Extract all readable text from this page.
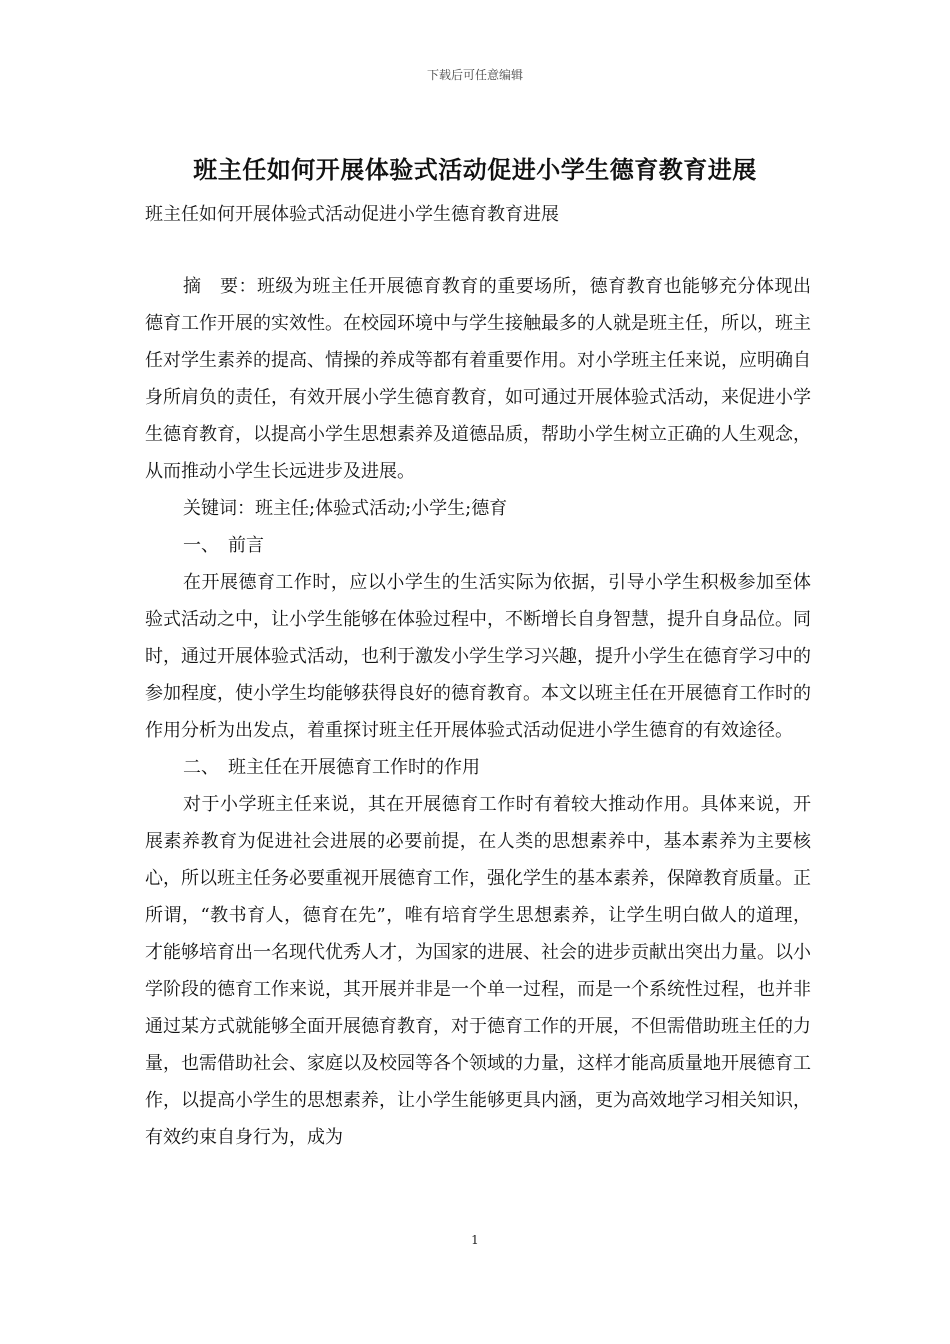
下载后可任意编辑
班主任如何开展体验式活动促进小学生德育教育进展
班主任如何开展体验式活动促进小学生德育教育进展

摘　要：班级为班主任开展德育教育的重要场所，德育教育也能够充分体现出德育工作开展的实效性。在校园环境中与学生接触最多的人就是班主任，所以，班主任对学生素养的提高、情操的养成等都有着重要作用。对小学班主任来说，应明确自身所肩负的责任，有效开展小学生德育教育，如可通过开展体验式活动，来促进小学生德育教育，以提高小学生思想素养及道德品质，帮助小学生树立正确的人生观念，从而推动小学生长远进步及进展。

关键词：班主任;体验式活动;小学生;德育

一、　前言

在开展德育工作时，应以小学生的生活实际为依据，引导小学生积极参加至体验式活动之中，让小学生能够在体验过程中，不断增长自身智慧，提升自身品位。同时，通过开展体验式活动，也利于激发小学生学习兴趣，提升小学生在德育学习中的参加程度，使小学生均能够获得良好的德育教育。本文以班主任在开展德育工作时的作用分析为出发点，着重探讨班主任开展体验式活动促进小学生德育的有效途径。

二、　班主任在开展德育工作时的作用

对于小学班主任来说，其在开展德育工作时有着较大推动作用。具体来说，开展素养教育为促进社会进展的必要前提，在人类的思想素养中，基本素养为主要核心，所以班主任务必要重视开展德育工作，强化学生的基本素养，保障教育质量。正所谓，“教书育人，德育在先”，唯有培育学生思想素养，让学生明白做人的道理，才能够培育出一名现代优秀人才，为国家的进展、社会的进步贡献出突出力量。以小学阶段的德育工作来说，其开展并非是一个单一过程，而是一个系统性过程，也并非通过某方式就能够全面开展德育教育，对于德育工作的开展，不但需借助班主任的力量，也需借助社会、家庭以及校园等各个领域的力量，这样才能高质量地开展德育工作，以提高小学生的思想素养，让小学生能够更具内涵，更为高效地学习相关知识，有效约束自身行为，成为

1
